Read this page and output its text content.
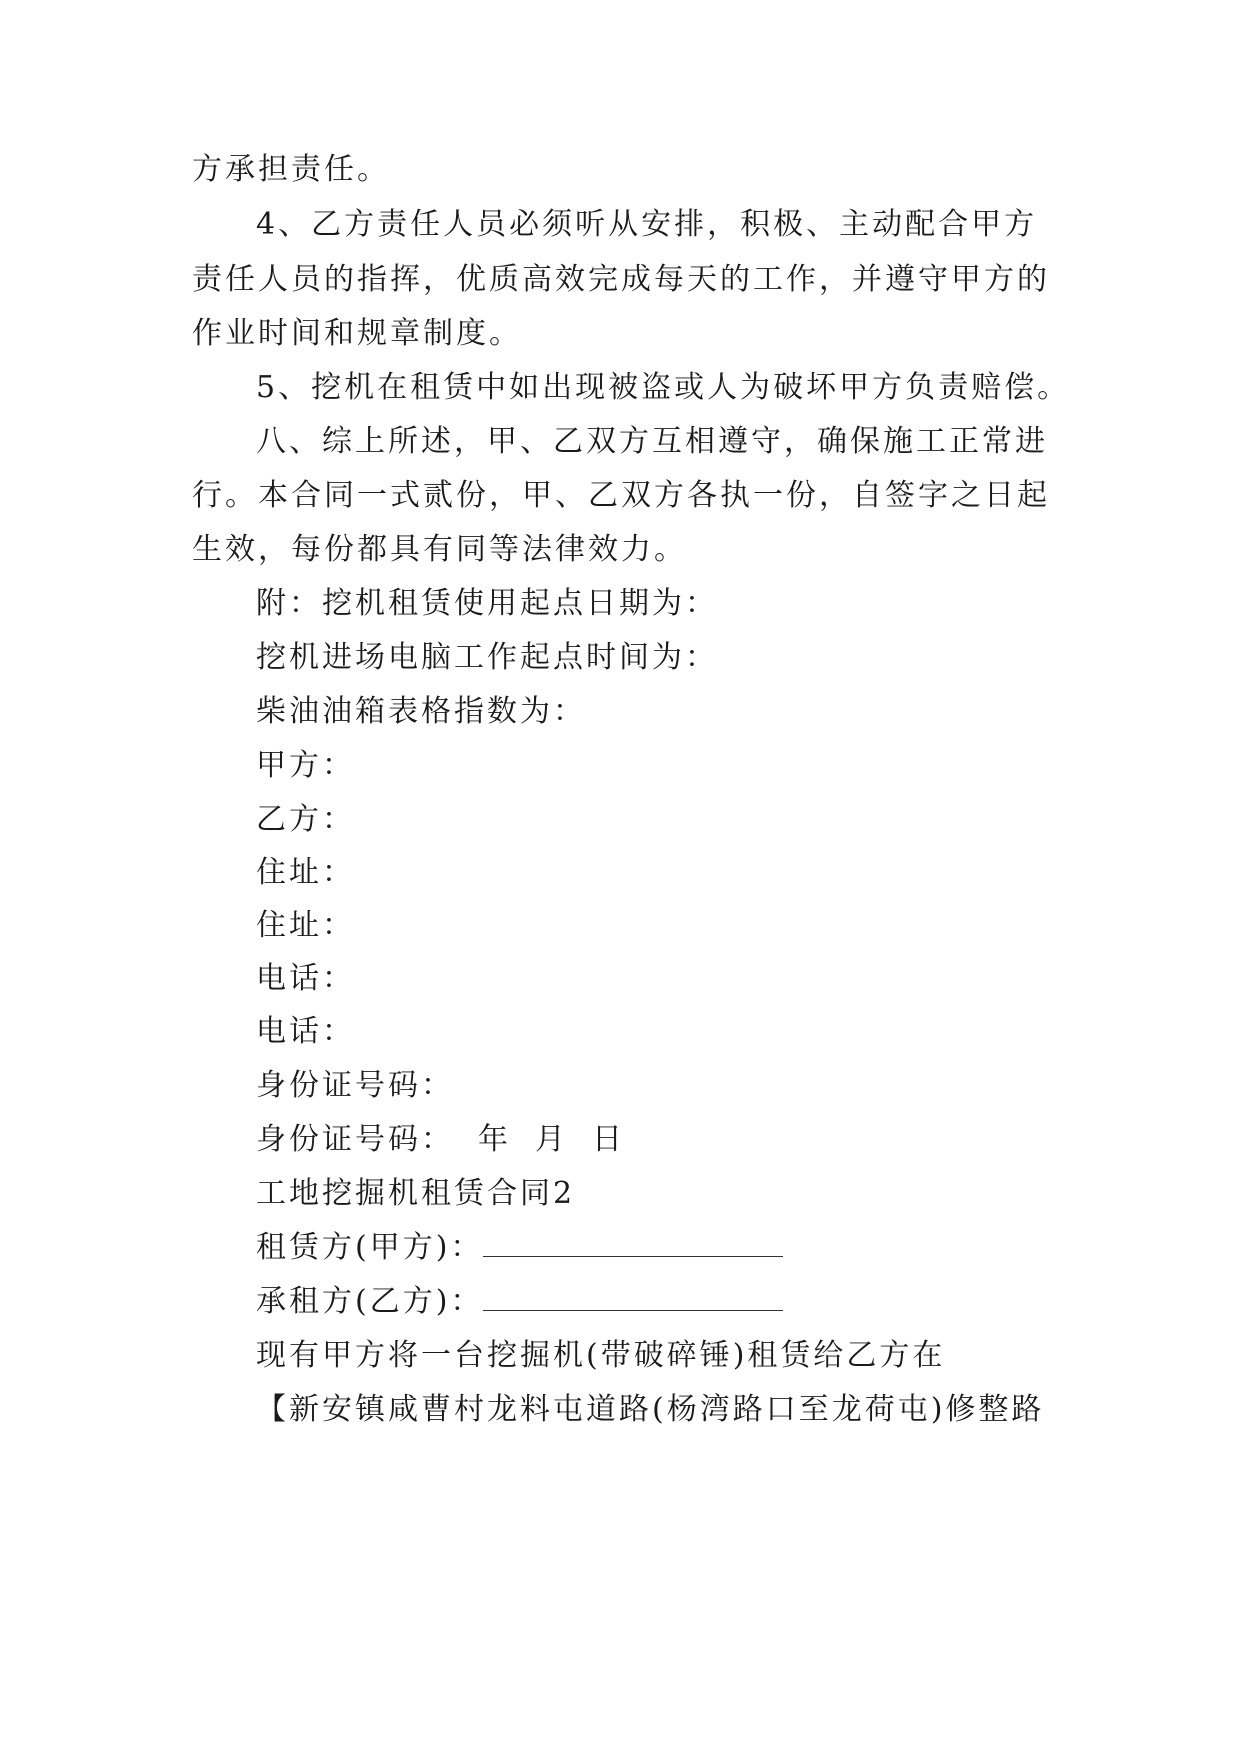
方承担责任。
4、乙方责任人员必须听从安排，积极、主动配合甲方
责任人员的指挥，优质高效完成每天的工作，并遵守甲方的
作业时间和规章制度。
5、挖机在租赁中如出现被盗或人为破坏甲方负责赔偿。
八、综上所述，甲、乙双方互相遵守，确保施工正常进
行。本合同一式贰份，甲、乙双方各执一份，自签字之日起
生效，每份都具有同等法律效力。
附：挖机租赁使用起点日期为：
挖机进场电脑工作起点时间为：
柴油油箱表格指数为：
甲方：
乙方：
住址：
住址：
电话：
电话：
身份证号码：
身份证号码： 年 月 日
工地挖掘机租赁合同2
租赁方(甲方)：
承租方(乙方)：
现有甲方将一台挖掘机(带破碎锤)租赁给乙方在
【新安镇咸曹村龙料屯道路(杨湾路口至龙荷屯)修整路
